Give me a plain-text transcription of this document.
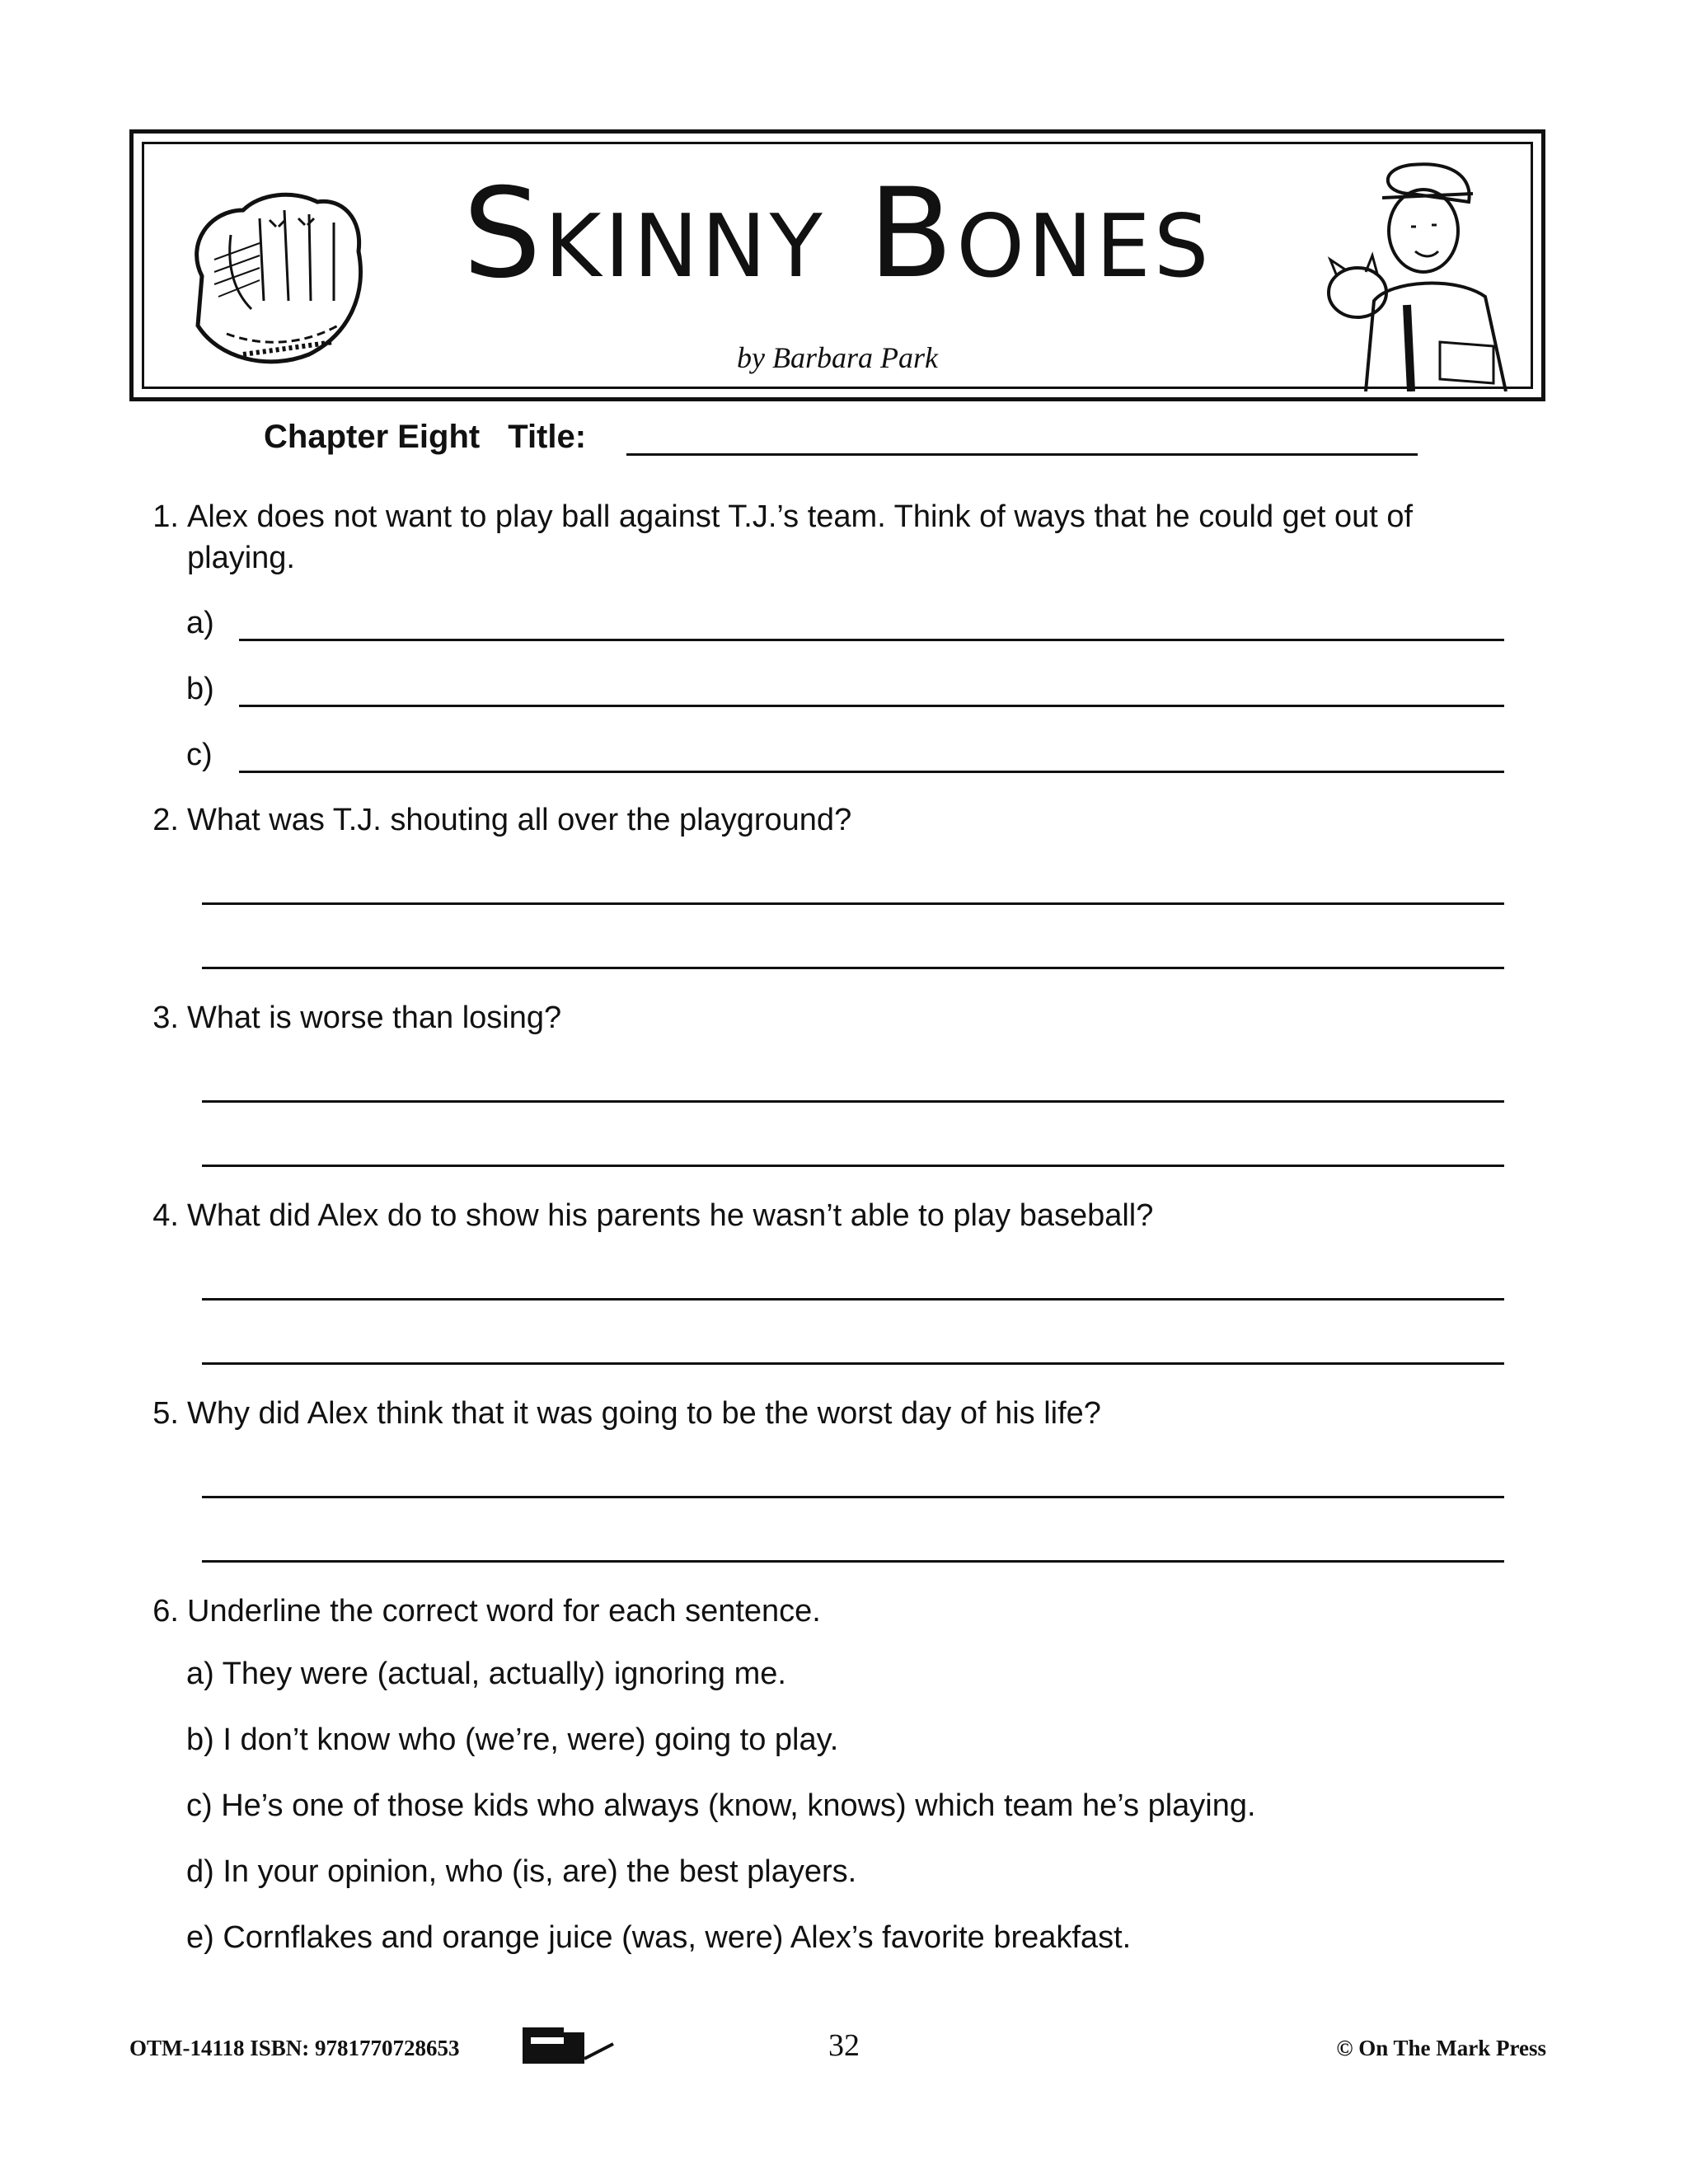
Skinny Bones
by Barbara Park
Chapter Eight Title:
1. Alex does not want to play ball against T.J.’s team. Think of ways that he could get out of playing.
a)
b)
c)
2. What was T.J. shouting all over the playground?
3. What is worse than losing?
4. What did Alex do to show his parents he wasn’t able to play baseball?
5. Why did Alex think that it was going to be the worst day of his life?
6. Underline the correct word for each sentence.
a) They were (actual, actually) ignoring me.
b) I don’t know who (we’re, were) going to play.
c) He’s one of those kids who always (know, knows) which team he’s playing.
d) In your opinion, who (is, are) the best players.
e) Cornflakes and orange juice (was, were) Alex’s favorite breakfast.
OTM-14118 ISBN: 9781770728653	32	© On The Mark Press
